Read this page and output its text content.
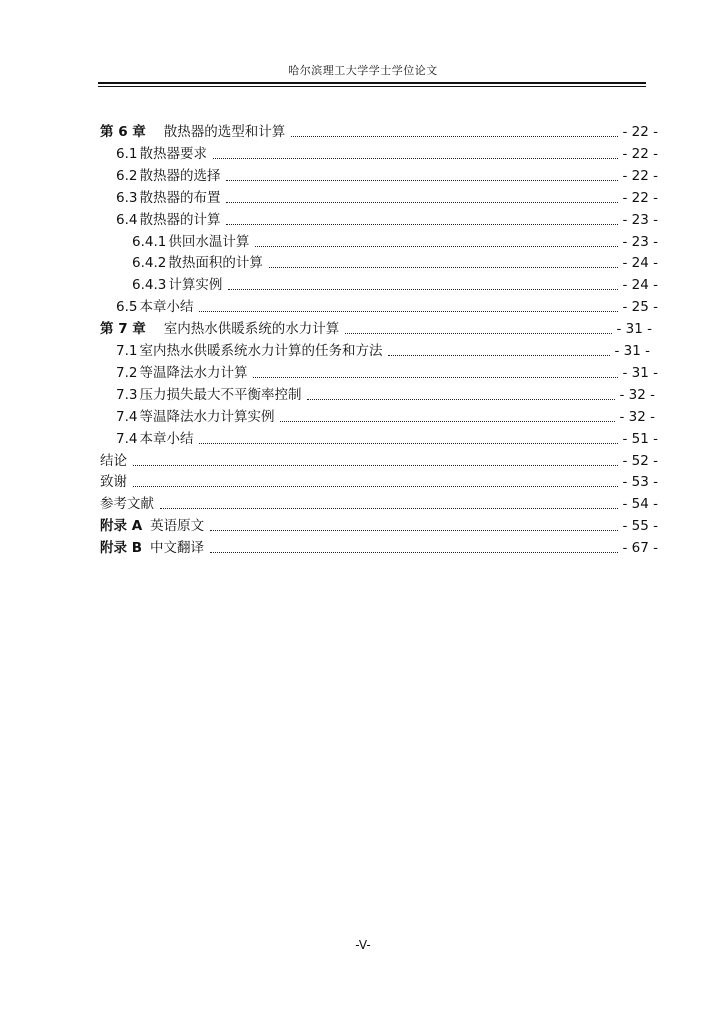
哈尔滨理工大学学士学位论文
第 6 章 散热器的选型和计算	- 22 -
6.1 散热器要求	- 22 -
6.2 散热器的选择	- 22 -
6.3 散热器的布置	- 22 -
6.4 散热器的计算	- 23 -
6.4.1 供回水温计算	- 23 -
6.4.2 散热面积的计算	- 24 -
6.4.3 计算实例	- 24 -
6.5 本章小结	- 25 -
第 7 章 室内热水供暖系统的水力计算	- 31 -
7.1 室内热水供暖系统水力计算的任务和方法	- 31 -
7.2 等温降法水力计算	- 31 -
7.3 压力损失最大不平衡率控制	- 32 -
7.4 等温降法水力计算实例	- 32 -
7.4 本章小结	- 51 -
结论	- 52 -
致谢	- 53 -
参考文献	- 54 -
附录 A 英语原文	- 55 -
附录 B 中文翻译	- 67 -
-V-
